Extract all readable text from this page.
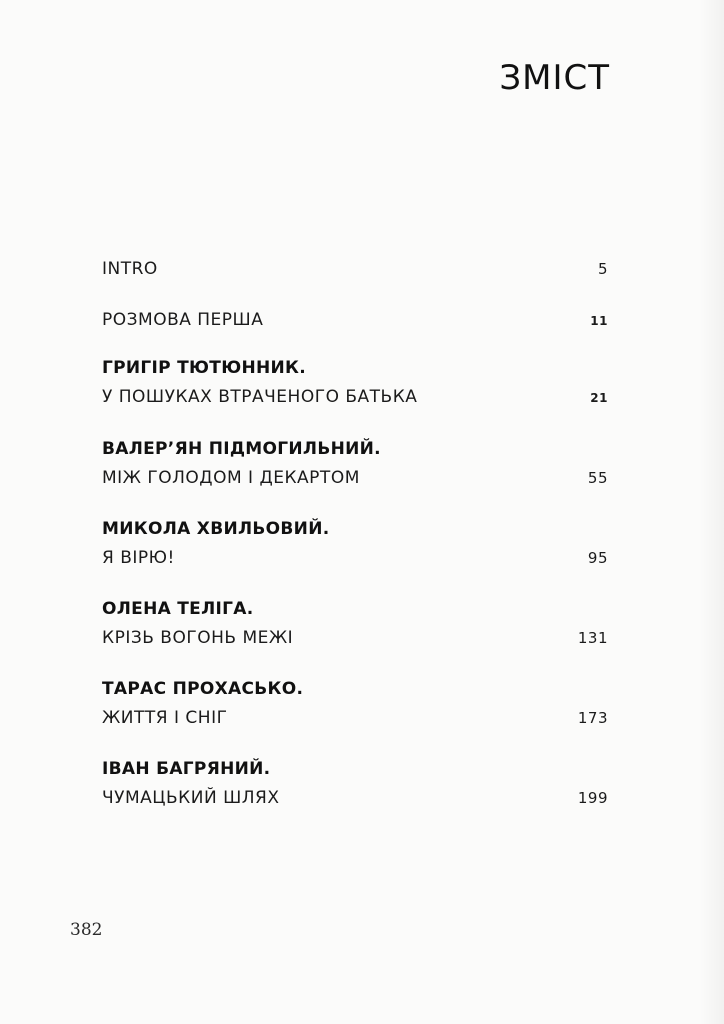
ЗМІСТ
INTRO	5
РОЗМОВА ПЕРША	11
ГРИГІР ТЮТЮННИК.
У ПОШУКАХ ВТРАЧЕНОГО БАТЬКА	21
ВАЛЕР’ЯН ПІДМОГИЛЬНИЙ.
МІЖ ГОЛОДОМ І ДЕКАРТОМ	55
МИКОЛА ХВИЛЬОВИЙ.
Я ВІРЮ!	95
ОЛЕНА ТЕЛІГА.
КРІЗЬ ВОГОНЬ МЕЖІ	131
ТАРАС ПРОХАСЬКО.
ЖИТТЯ І СНІГ	173
ІВАН БАГРЯНИЙ.
ЧУМАЦЬКИЙ ШЛЯХ	199
382
